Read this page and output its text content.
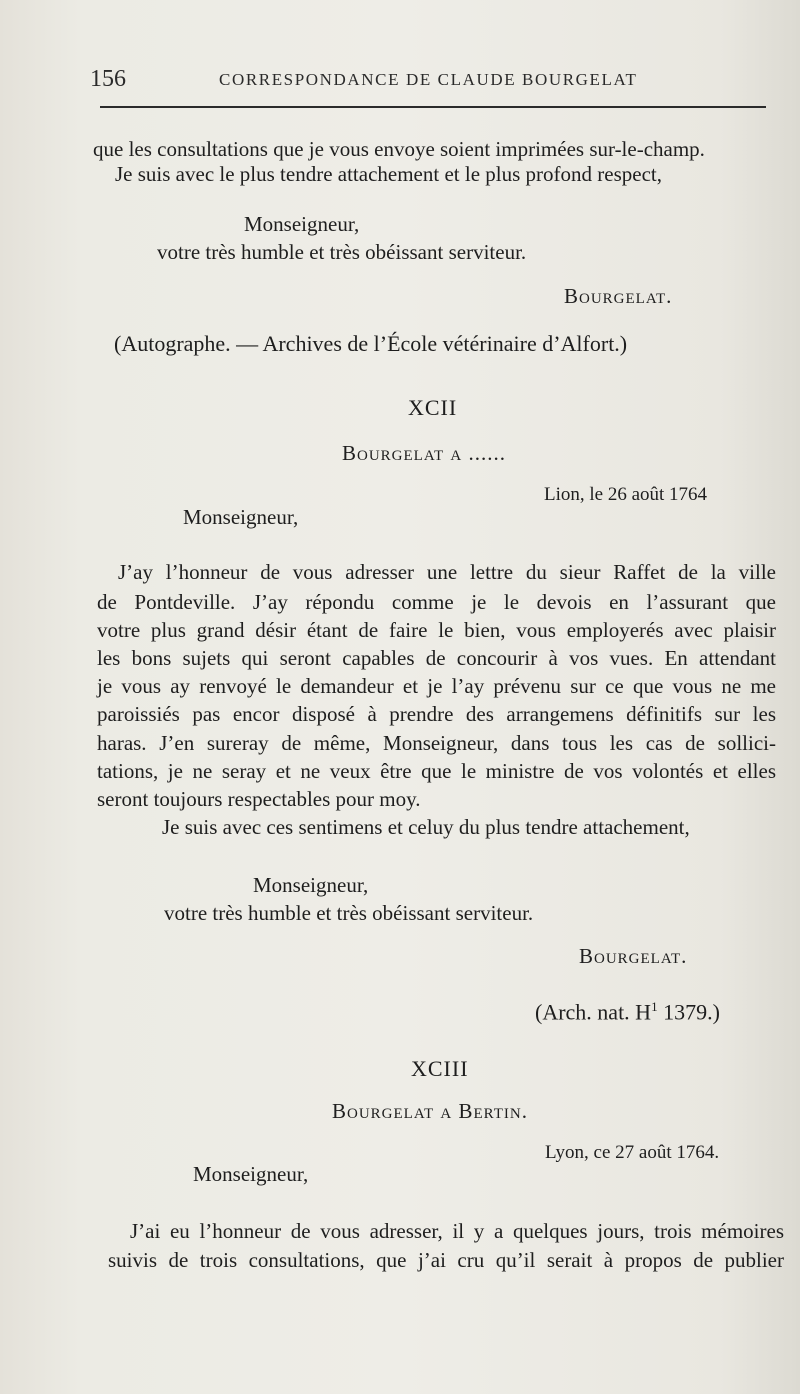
156	CORRESPONDANCE DE CLAUDE BOURGELAT
que les consultations que je vous envoye soient imprimées sur-le-champ.
Je suis avec le plus tendre attachement et le plus profond respect,
Monseigneur,
votre très humble et très obéissant serviteur.
Bourgelat.
(Autographe. — Archives de l’École vétérinaire d’Alfort.)
XCII
Bourgelat a ......
Lion, le 26 août 1764
Monseigneur,
J’ay l’honneur de vous adresser une lettre du sieur Raffet de la ville
de Pontdeville. J’ay répondu comme je le devois en l’assurant que
votre plus grand désir étant de faire le bien, vous employerés avec plaisir
les bons sujets qui seront capables de concourir à vos vues. En attendant
je vous ay renvoyé le demandeur et je l’ay prévenu sur ce que vous ne me
paroissiés pas encor disposé à prendre des arrangemens définitifs sur les
haras. J’en sureray de même, Monseigneur, dans tous les cas de sollici-
tations, je ne seray et ne veux être que le ministre de vos volontés et elles
seront toujours respectables pour moy.
Je suis avec ces sentimens et celuy du plus tendre attachement,
Monseigneur,
votre très humble et très obéissant serviteur.
Bourgelat.
(Arch. nat. $H^1$ 1379.)
XCIII
Bourgelat a Bertin.
Lyon, ce 27 août 1764.
Monseigneur,
J’ai eu l’honneur de vous adresser, il y a quelques jours, trois mémoires
suivis de trois consultations, que j’ai cru qu’il serait à propos de publier
